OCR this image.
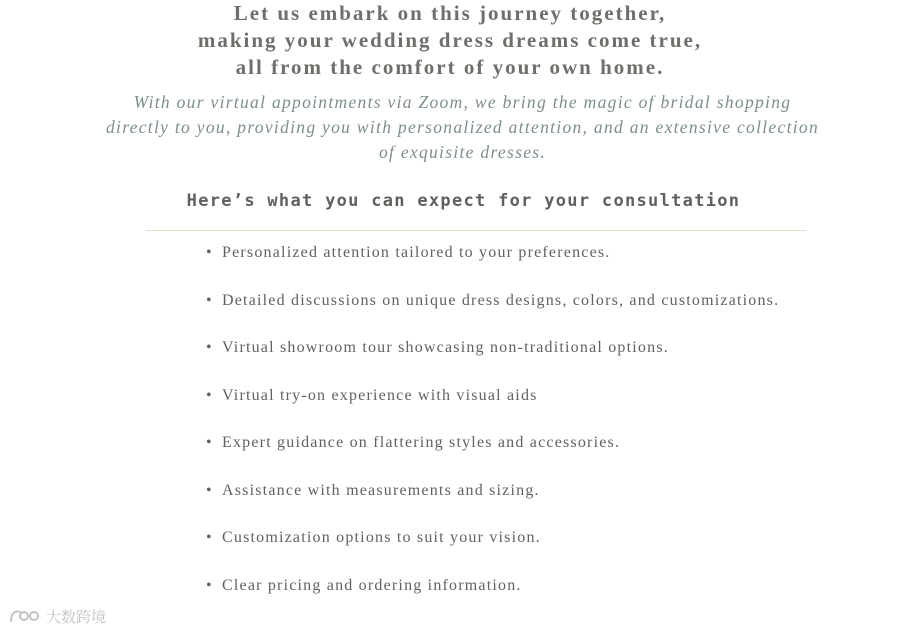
Let us embark on this journey together,
making your wedding dress dreams come true,
all from the comfort of your own home.

With our virtual appointments via Zoom, we bring the magic of bridal shopping directly to you, providing you with personalized attention, and an extensive collection of exquisite dresses.

Here’s what you can expect for your consultation
• Personalized attention tailored to your preferences.
• Detailed discussions on unique dress designs, colors, and customizations.
• Virtual showroom tour showcasing non-traditional options.
• Virtual try-on experience with visual aids
• Expert guidance on flattering styles and accessories.
• Assistance with measurements and sizing.
• Customization options to suit your vision.
• Clear pricing and ordering information.
大数跨境
